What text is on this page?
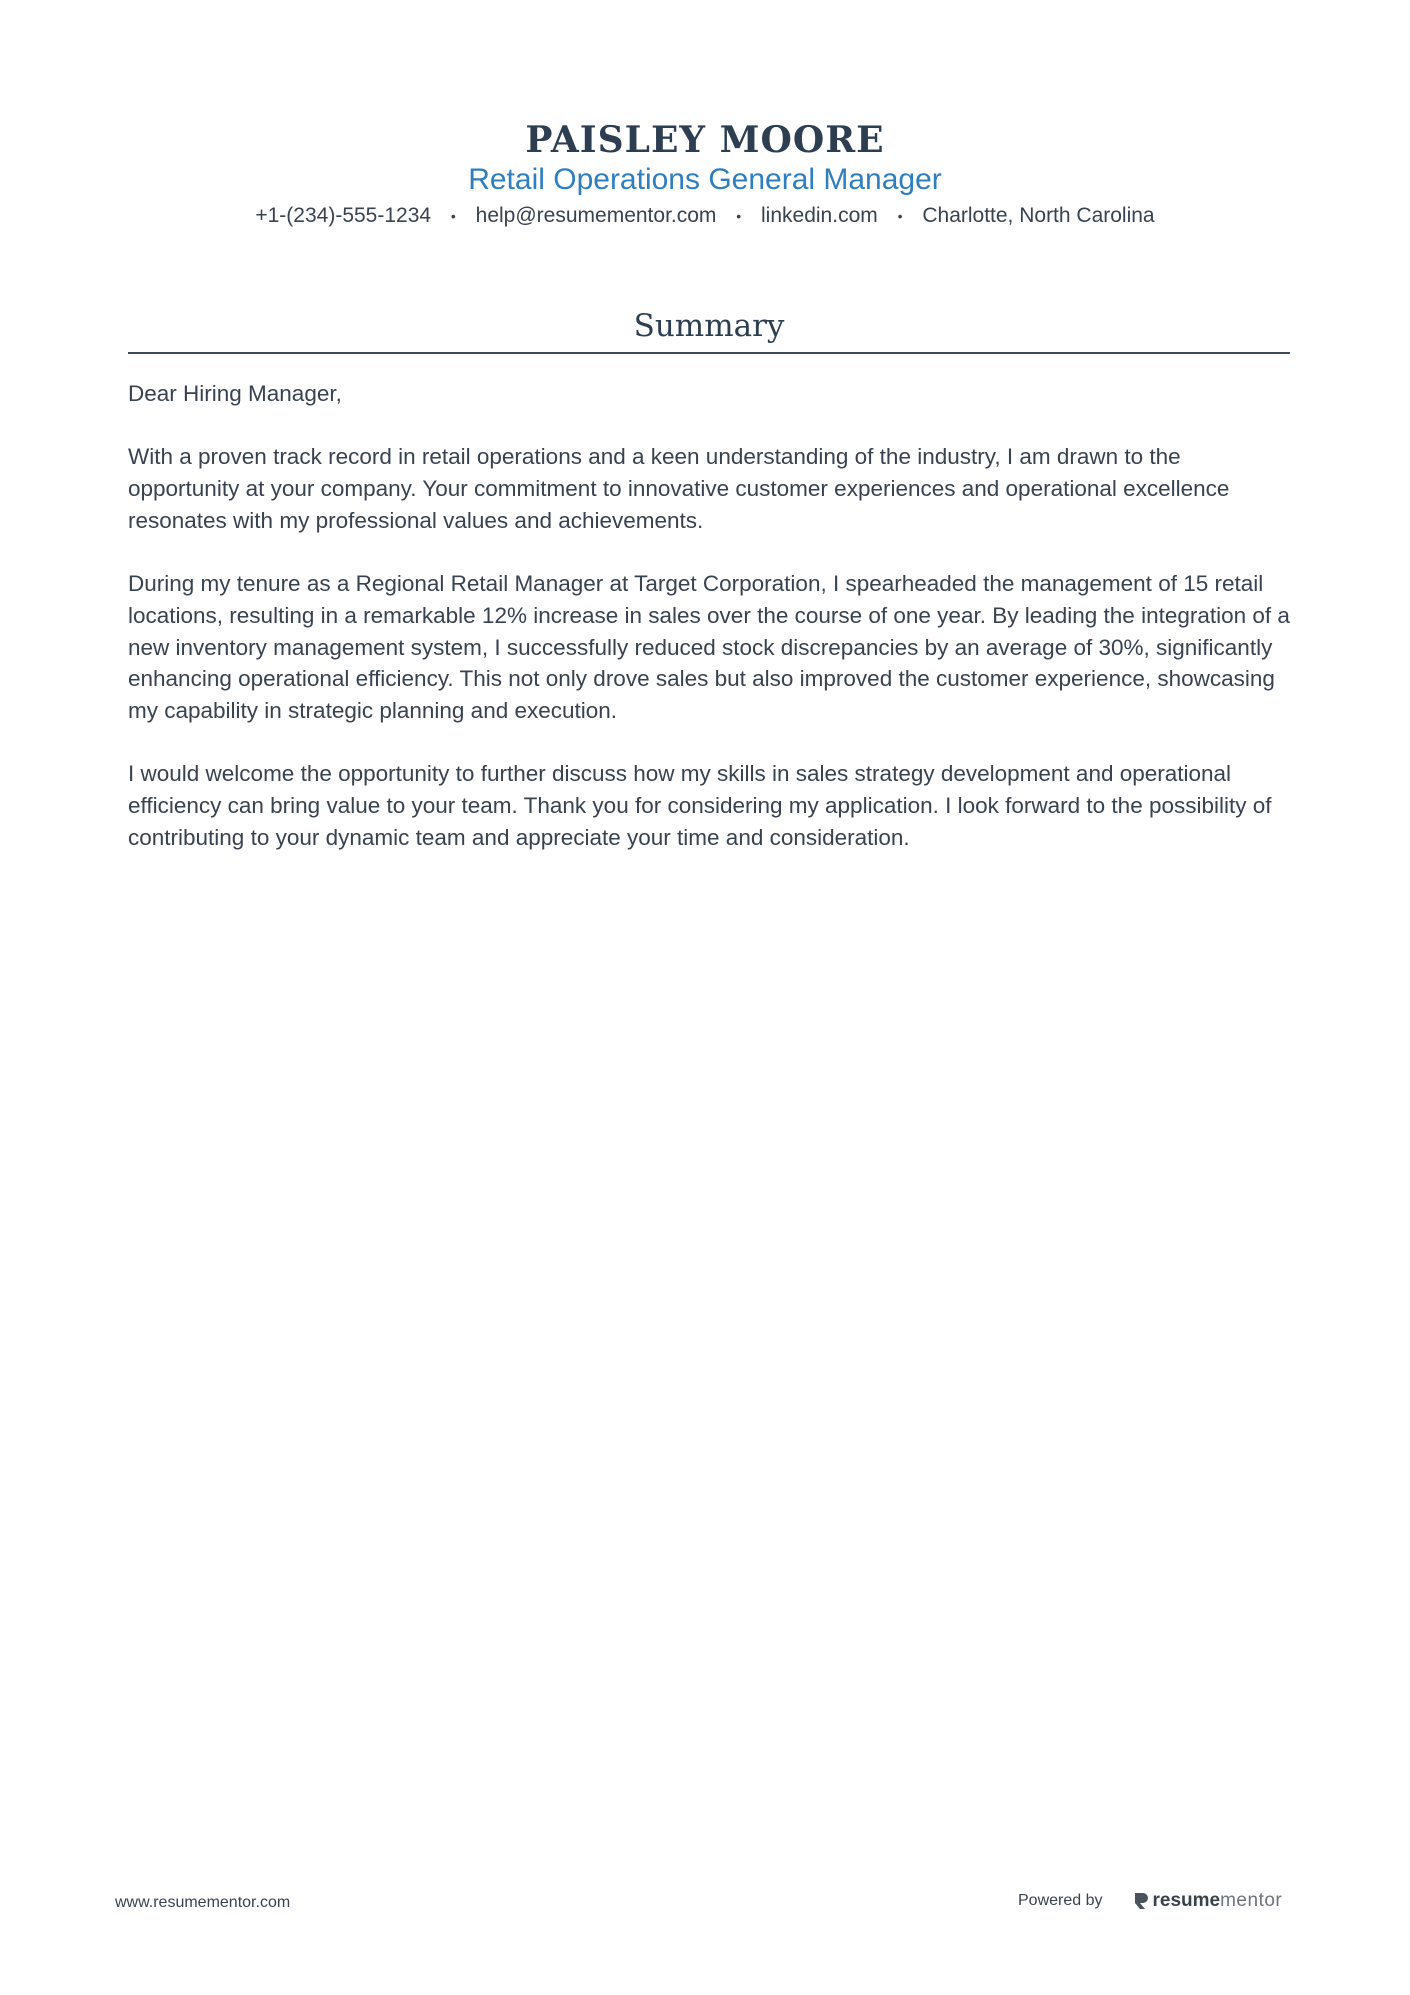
PAISLEY MOORE
Retail Operations General Manager
+1-(234)-555-1234 • help@resumementor.com • linkedin.com • Charlotte, North Carolina
Summary

Dear Hiring Manager,

With a proven track record in retail operations and a keen understanding of the industry, I am drawn to the opportunity at your company. Your commitment to innovative customer experiences and operational excellence resonates with my professional values and achievements.

During my tenure as a Regional Retail Manager at Target Corporation, I spearheaded the management of 15 retail locations, resulting in a remarkable 12% increase in sales over the course of one year. By leading the integration of a new inventory management system, I successfully reduced stock discrepancies by an average of 30%, significantly enhancing operational efficiency. This not only drove sales but also improved the customer experience, showcasing my capability in strategic planning and execution.

I would welcome the opportunity to further discuss how my skills in sales strategy development and operational efficiency can bring value to your team. Thank you for considering my application. I look forward to the possibility of contributing to your dynamic team and appreciate your time and consideration.

www.resumementor.com	Powered by	resume mentor
